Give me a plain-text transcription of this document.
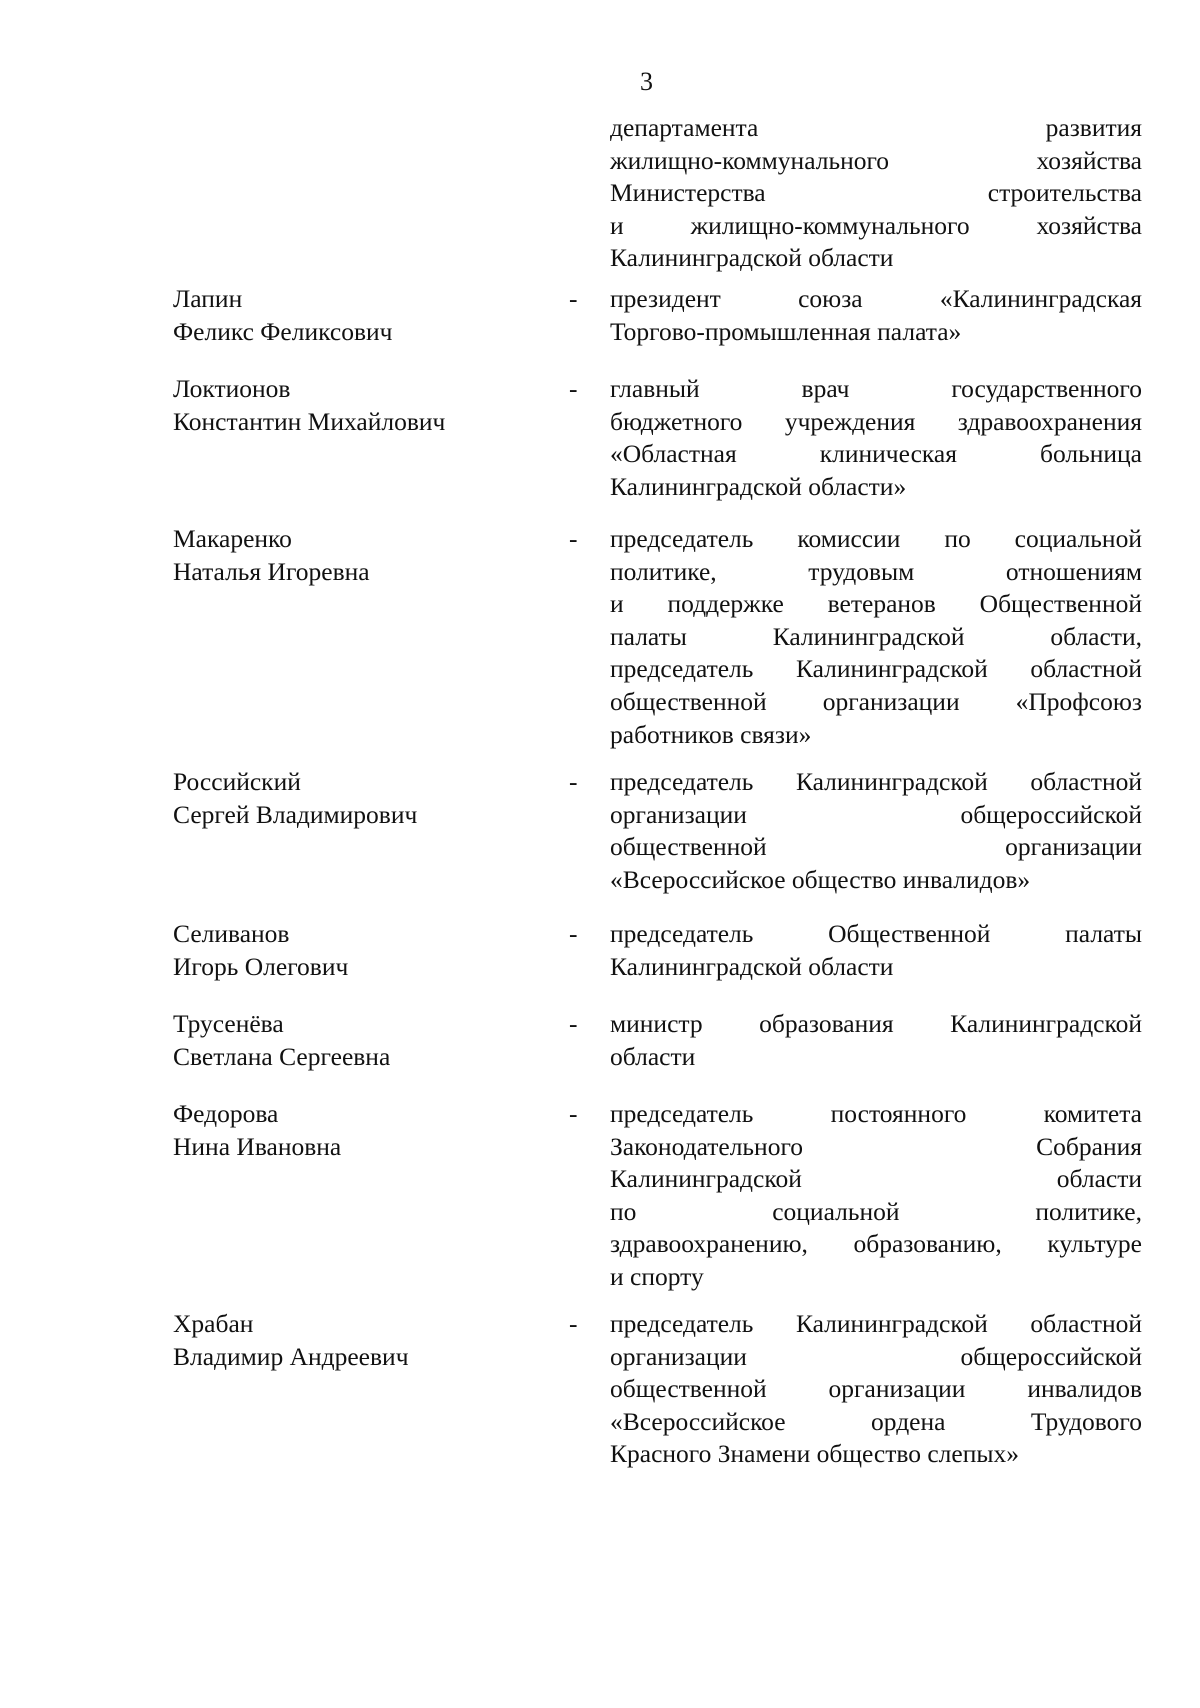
3
департамента	развития
жилищно-коммунального	хозяйства
Министерства	строительства
и	жилищно-коммунального	хозяйства
Калининградской области
Лапин
Феликс Феликсович
-	президент	союза	«Калининградская
Торгово-промышленная палата»
Локтионов
Константин Михайлович
-	главный	врач	государственного
бюджетного учреждения здравоохранения
«Областная	клиническая	больница
Калининградской области»
Макаренко
Наталья Игоревна
-	председатель комиссии по социальной
политике,	трудовым	отношениям
и поддержке ветеранов Общественной
палаты	Калининградской	области,
председатель Калининградской областной
общественной организации «Профсоюз
работников связи»
Российский
Сергей Владимирович
-	председатель Калининградской областной
организации	общероссийской
общественной	организации
«Всероссийское общество инвалидов»
Селиванов
Игорь Олегович
-	председатель	Общественной	палаты
Калининградской области
Трусенёва
Светлана Сергеевна
-	министр образования Калининградской
области
Федорова
Нина Ивановна
-	председатель	постоянного	комитета
Законодательного	Собрания
Калининградской	области
по	социальной	политике,
здравоохранению, образованию, культуре
и спорту
Храбан
Владимир Андреевич
-	председатель Калининградской областной
организации	общероссийской
общественной организации инвалидов
«Всероссийское	ордена	Трудового
Красного Знамени общество слепых»
